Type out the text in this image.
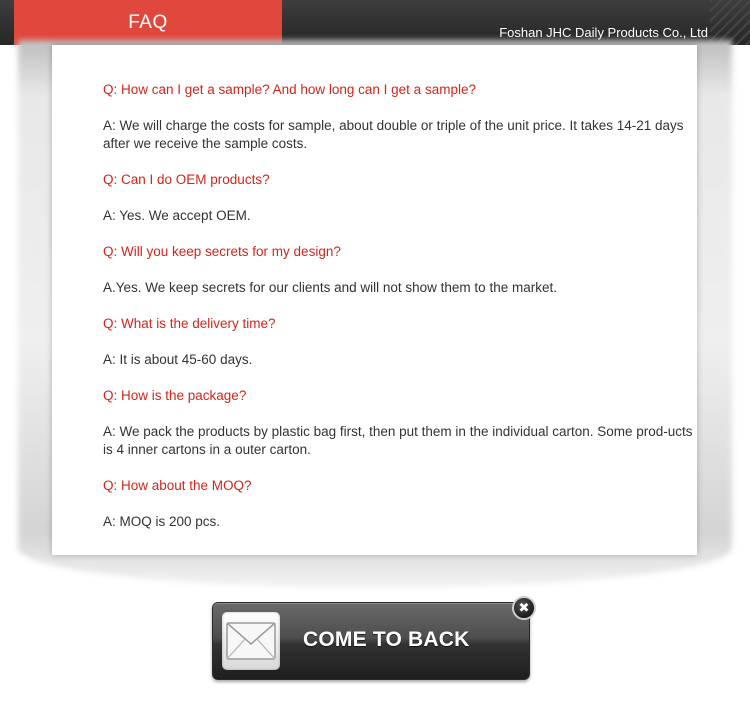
FAQ	Foshan JHC Daily Products Co., Ltd

Q: How can I get a sample? And how long can I get a sample?

A: We will charge the costs for sample, about double or triple of the unit price. It takes 14-21 days after we receive the sample costs.

Q: Can I do OEM products?

A: Yes. We accept OEM.

Q: Will you keep secrets for my design?

A.Yes. We keep secrets for our clients and will not show them to the market.

Q: What is the delivery time?

A: It is about 45-60 days.

Q: How is the package?

A: We pack the products by plastic bag first, then put them in the individual carton. Some prod-ucts is 4 inner cartons in a outer carton.

Q: How about the MOQ?

A: MOQ is 200 pcs.

COME TO BACK
✖
